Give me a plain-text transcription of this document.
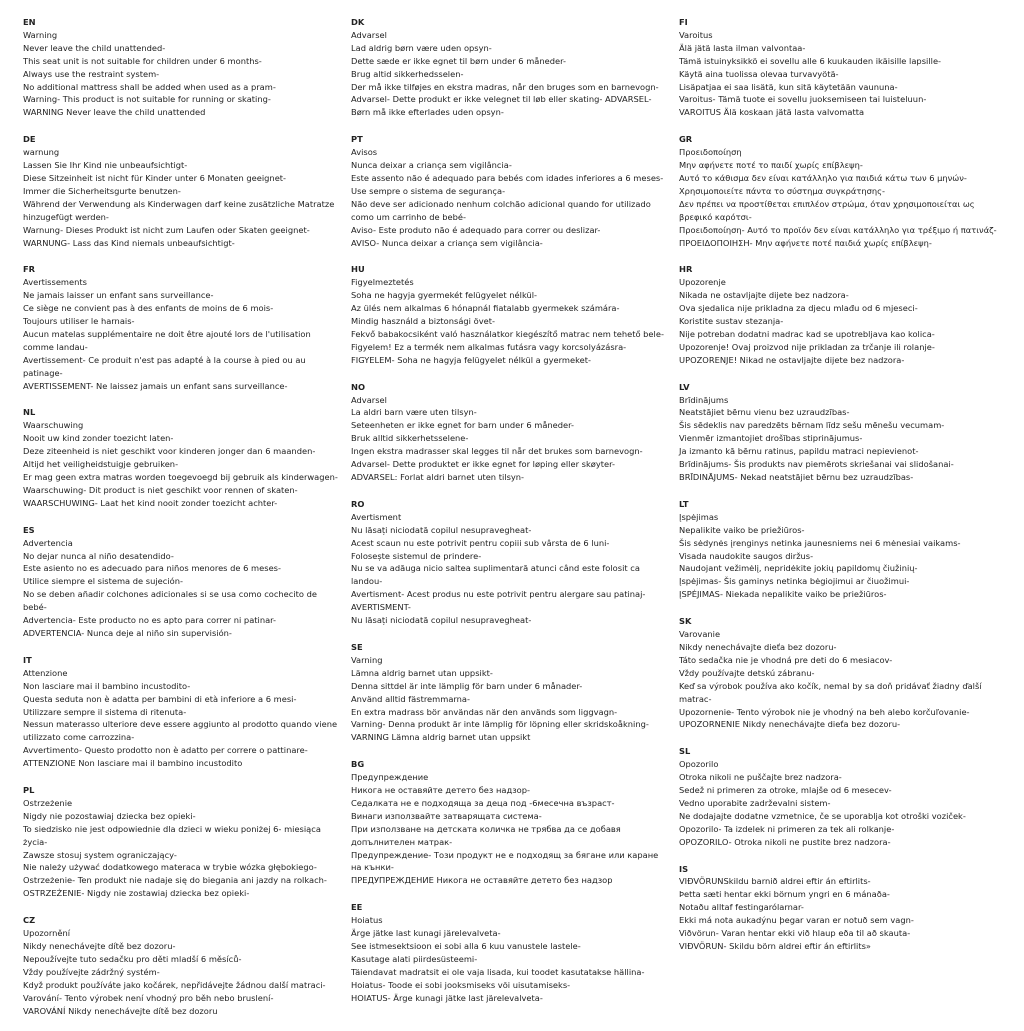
EN
Warning
Never leave the child unattended-
This seat unit is not suitable for children under 6 months-
Always use the restraint system-
No additional mattress shall be added when used as a pram-
Warning- This product is not suitable for running or skating-
WARNING Never leave the child unattended
DE
warnung
Lassen Sie Ihr Kind nie unbeaufsichtigt-
Diese Sitzeinheit ist nicht für Kinder unter 6 Monaten geeignet-
Immer die Sicherheitsgurte benutzen-
Während der Verwendung als Kinderwagen darf keine zusätzliche Matratze hinzugefügt werden-
Warnung- Dieses Produkt ist nicht zum Laufen oder Skaten geeignet-
WARNUNG- Lass das Kind niemals unbeaufsichtigt-
FR
Avertissements
Ne jamais laisser un enfant sans surveillance-
Ce siège ne convient pas à des enfants de moins de 6 mois-
Toujours utiliser le harnais-
Aucun matelas supplémentaire ne doit être ajouté lors de l'utilisation comme landau-
Avertissement- Ce produit n'est pas adapté à la course à pied ou au patinage-
AVERTISSEMENT- Ne laissez jamais un enfant sans surveillance-
NL
Waarschuwing
Nooit uw kind zonder toezicht laten-
Deze ziteenheid is niet geschikt voor kinderen jonger dan 6 maanden-
Altijd het veiligheidstuigje gebruiken-
Er mag geen extra matras worden toegevoegd bij gebruik als kinderwagen-
Waarschuwing- Dit product is niet geschikt voor rennen of skaten-
WAARSCHUWING- Laat het kind nooit zonder toezicht achter-
ES
Advertencia
No dejar nunca al niño desatendido-
Este asiento no es adecuado para niños menores de 6 meses-
Utilice siempre el sistema de sujeción-
No se deben añadir colchones adicionales si se usa como cochecito de bebé-
Advertencia- Este producto no es apto para correr ni patinar-
ADVERTENCIA- Nunca deje al niño sin supervisión-
IT
Attenzione
Non lasciare mai il bambino incustodito-
Questa seduta non è adatta per bambini di età inferiore a 6 mesi-
Utilizzare sempre il sistema di ritenuta-
Nessun materasso ulteriore deve essere aggiunto al prodotto quando viene utilizzato come carrozzina-
Avvertimento- Questo prodotto non è adatto per correre o pattinare-
ATTENZIONE Non lasciare mai il bambino incustodito
PL
Ostrzeżenie
Nigdy nie pozostawiaj dziecka bez opieki-
To siedzisko nie jest odpowiednie dla dzieci w wieku poniżej 6- miesiąca życia-
Zawsze stosuj system ograniczający-
Nie należy używać dodatkowego materaca w trybie wózka głębokiego-
Ostrzeżenie- Ten produkt nie nadaje się do biegania ani jazdy na rolkach-
OSTRZEŻENIE- Nigdy nie zostawiaj dziecka bez opieki-
CZ
Upozornění
Nikdy nenechávejte dítě bez dozoru-
Nepoužívejte tuto sedačku pro děti mladší 6 měsíců-
Vždy používejte zádržný systém-
Když produkt používáte jako kočárek, nepřidávejte žádnou další matraci-
Varování- Tento výrobek není vhodný pro běh nebo bruslení-
VAROVÁNÍ Nikdy nenechávejte dítě bez dozoru
DK
Advarsel
Lad aldrig børn være uden opsyn-
Dette sæde er ikke egnet til børn under 6 måneder-
Brug altid sikkerhedsselen-
Der må ikke tilføjes en ekstra madras, når den bruges som en barnevogn-
Advarsel- Dette produkt er ikke velegnet til løb eller skating- ADVARSEL- Børn må ikke efterlades uden opsyn-
PT
Avisos
Nunca deixar a criança sem vigilância-
Este assento não é adequado para bebés com idades inferiores a 6 meses-
Use sempre o sistema de segurança-
Não deve ser adicionado nenhum colchão adicional quando for utilizado como um carrinho de bebé-
Aviso- Este produto não é adequado para correr ou deslizar-
AVISO- Nunca deixar a criança sem vigilância-
HU
Figyelmeztetés
Soha ne hagyja gyermekét felügyelet nélkül-
Az ülés nem alkalmas 6 hónapnál fiatalabb gyermekek számára-
Mindig használd a biztonsági övet-
Fekvő babakocsiként való használatkor kiegészítő matrac nem tehető bele-
Figyelem! Ez a termék nem alkalmas futásra vagy korcsolyázásra-
FIGYELEM- Soha ne hagyja felügyelet nélkül a gyermeket-
NO
Advarsel
La aldri barn være uten tilsyn-
Seteenheten er ikke egnet for barn under 6 måneder-
Bruk alltid sikkerhetsselene-
Ingen ekstra madrasser skal legges til når det brukes som barnevogn-
Advarsel- Dette produktet er ikke egnet for løping eller skøyter-
ADVARSEL: Forlat aldri barnet uten tilsyn-
RO
Avertisment
Nu lăsați niciodată copilul nesupravegheat-
Acest scaun nu este potrivit pentru copiii sub vârsta de 6 luni-
Folosește sistemul de prindere-
Nu se va adăuga nicio saltea suplimentară atunci când este folosit ca landou-
Avertisment- Acest produs nu este potrivit pentru alergare sau patinaj- AVERTISMENT-
Nu lăsați niciodată copilul nesupravegheat-
SE
Varning
Lämna aldrig barnet utan uppsikt-
Denna sittdel är inte lämplig för barn under 6 månader-
Använd alltid fästremmarna-
En extra madrass bör användas när den används som liggvagn-
Varning- Denna produkt är inte lämplig för löpning eller skridskoåkning-
VARNING Lämna aldrig barnet utan uppsikt
BG
Предупреждение
Никога не оставяйте детето без надзор-
Седалката не е подходяща за деца под -6месечна възраст-
Винаги използвайте затварящата система-
При използване на детската количка не трябва да се добавя допълнителен матрак-
Предупреждение- Този продукт не е подходящ за бягане или каране на кънки-
ПРЕДУПРЕЖДЕНИЕ Никога не оставяйте детето без надзор
EE
Hoiatus
Ärge jätke last kunagi järelevalveta-
See istmesektsioon ei sobi alla 6 kuu vanustele lastele-
Kasutage alati piirdesüsteemi-
Täiendavat madratsit ei ole vaja lisada, kui toodet kasutatakse hällina-
Hoiatus- Toode ei sobi jooksmiseks või uisutamiseks-
HOIATUS- Ärge kunagi jätke last järelevalveta-
FI
Varoitus
Älä jätä lasta ilman valvontaa-
Tämä istuinyksikkö ei sovellu alle 6 kuukauden ikäisille lapsille-
Käytä aina tuolissa olevaa turvavyötä-
Lisäpatjaa ei saa lisätä, kun sitä käytetään vaununa-
Varoitus- Tämä tuote ei sovellu juoksemiseen tai luisteluun-
VAROITUS Älä koskaan jätä lasta valvomatta
GR
Προειδοποίηση
Μην αφήνετε ποτέ το παιδί χωρίς επίβλεψη-
Αυτό το κάθισμα δεν είναι κατάλληλο για παιδιά κάτω των 6 μηνών-
Χρησιμοποιείτε πάντα το σύστημα συγκράτησης-
Δεν πρέπει να προστίθεται επιπλέον στρώμα, όταν χρησιμοποιείται ως βρεφικό καρότσι-
Προειδοποίηση- Αυτό το προϊόν δεν είναι κατάλληλο για τρέξιμο ή πατινάζ-
ΠΡΟΕΙΔΟΠΟΙΗΣΗ- Μην αφήνετε ποτέ παιδιά χωρίς επίβλεψη-
HR
Upozorenje
Nikada ne ostavljajte dijete bez nadzora-
Ova sjedalica nije prikladna za djecu mlađu od 6 mjeseci-
Koristite sustav stezanja-
Nije potreban dodatni madrac kad se upotrebljava kao kolica-
Upozorenje! Ovaj proizvod nije prikladan za trčanje ili rolanje-
UPOZORENJE! Nikad ne ostavljajte dijete bez nadzora-
LV
Brīdinājums
Neatstājiet bērnu vienu bez uzraudzības-
Šis sēdeklis nav paredzēts bērnam līdz sešu mēnešu vecumam-
Vienmēr izmantojiet drošības stiprinājumus-
Ja izmanto kā bērnu ratinus, papildu matraci nepievienot-
Brīdinājums- Šis produkts nav piemērots skriešanai vai slidošanai- BRĪDINĀJUMS- Nekad neatstājiet bērnu bez uzraudzības-
LT
Įspėjimas
Nepalikite vaiko be priežiūros-
Šis sėdynės įrenginys netinka jaunesniems nei 6 mėnesiai vaikams-
Visada naudokite saugos diržus-
Naudojant vežimėlį, nepridėkite jokių papildomų čiužinių-
Įspėjimas- Šis gaminys netinka bėgiojimui ar čiuožimui-
ĮSPĖJIMAS- Niekada nepalikite vaiko be priežiūros-
SK
Varovanie
Nikdy nenechávajte dieťa bez dozoru-
Táto sedačka nie je vhodná pre deti do 6 mesiacov-
Vždy používajte detskú zábranu-
Keď sa výrobok používa ako kočík, nemal by sa doň pridávať žiadny ďalší matrac-
Upozornenie- Tento výrobok nie je vhodný na beh alebo korčuľovanie-
UPOZORNENIE Nikdy nenechávajte dieťa bez dozoru-
SL
Opozorilo
Otroka nikoli ne puščajte brez nadzora-
Sedež ni primeren za otroke, mlajše od 6 mesecev-
Vedno uporabite zadrževalni sistem-
Ne dodajajte dodatne vzmetnice, če se uporablja kot otroški voziček-
Opozorilo- Ta izdelek ni primeren za tek ali rolkanje-
OPOZORILO- Otroka nikoli ne pustite brez nadzora-
IS
VIÐVÖRUNSkildu barnið aldrei eftir án eftirlits-
Þetta sæti hentar ekki börnum yngri en 6 mánaða-
Notaðu alltaf festingarólarnar-
Ekki má nota aukadýnu þegar varan er notuð sem vagn-
Viðvörun- Varan hentar ekki við hlaup eða til að skauta-
VIÐVÖRUN- Skildu börn aldrei eftir án eftirlits»
